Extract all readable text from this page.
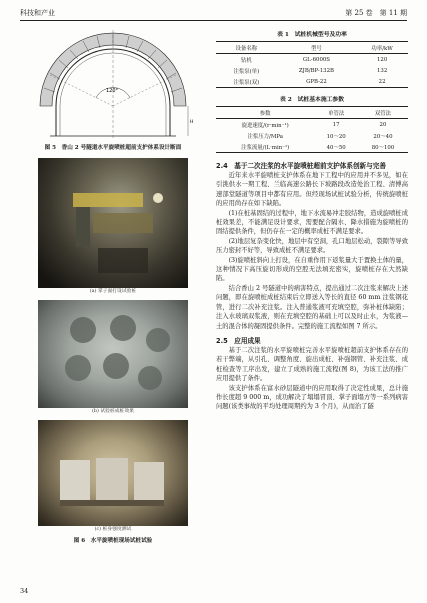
科技和产业	第 25 卷　第 11 期
120°
H
图 5　香山 2 号隧道水平旋喷桩超前支护体系设计断面
(a) 掌子面打设试验桩
(b) 试验桩成桩效果
(c) 桩身强度测试
图 6　水平旋喷桩现场试桩试验
表 1　试桩机械型号及功率
设备名称	型号	功率/kW
钻机	GL-6000S	120
注浆泵(单)	ZJB/BP-132B	132
注浆泵(双)	GPB-22	22
表 2　试桩基本施工参数
参数	单管法	双管法
旋进速度/(r·min⁻¹)	17	20
注浆压力/MPa	10～20	20～40
注浆流量/(L·min⁻¹)	40～50	80～100
2.4　基于二次注浆的水平旋喷桩超前支护体系创新与完善

近年来水平旋喷桩支护体系在地下工程中的应用并不多见，如在引洮供水一期工程、兰临高速公路长下坡路段改造处治工程、清傅高速部堂隧道等项目中都有应用。但经现场试桩试验分析，传统旋喷桩的应用尚存在如下缺陷。

(1)在桩基固结的过程中，地下水流易冲走胶结物，造成旋喷桩成桩效果差，不能满足设计要求，需要配合隔水、降水措施为旋喷桩的固结提供条件，但仍存在一定的概率成桩不满足要求。

(2)地层复杂变化快，地层中有空洞，孔口地层松动，裂隙等导致压力密封不好等，导致成桩不满足要求。

(3)旋喷桩斜向上打设，在自重作用下返浆量大于置换土体的量，这种情况下高压旋切形成的空腔无法填充密实，旋喷桩存在大然缺陷。

结合香山 2 号隧道中的病害特点，提出通过二次注浆来解决上述问题，即在旋喷桩成桩结束后立即送入等长的直径 60 mm 注浆钢花管，进行二次补充注浆。注入普通浆液可充填空腔，弥补桩体缺陷；注入水玻璃双浆液，则在充填空腔的基础上可以及时止水，为浆液—土的混合体的凝固提供条件。完整的施工流程如图 7 所示。

2.5　应用成果

基于二次注浆的水平旋喷桩完善水平旋喷桩超前支护体系存在的若干弊端，从引孔、调整角度、旋出成桩、补强钢管、补充注浆、成桩检查等工序出发，建立了成熟的施工流程(图 8)，为该工法的推广应用提供了条件。

该支护体系在富水砂层隧道中的应用取得了决定性成果，总计施作长度超 9 000 m，成功解决了塌塌冒顶、掌子面塌方等一系列病害问题(该类事故的平均处理周期约为 3 个月)，从而治了隧

34
